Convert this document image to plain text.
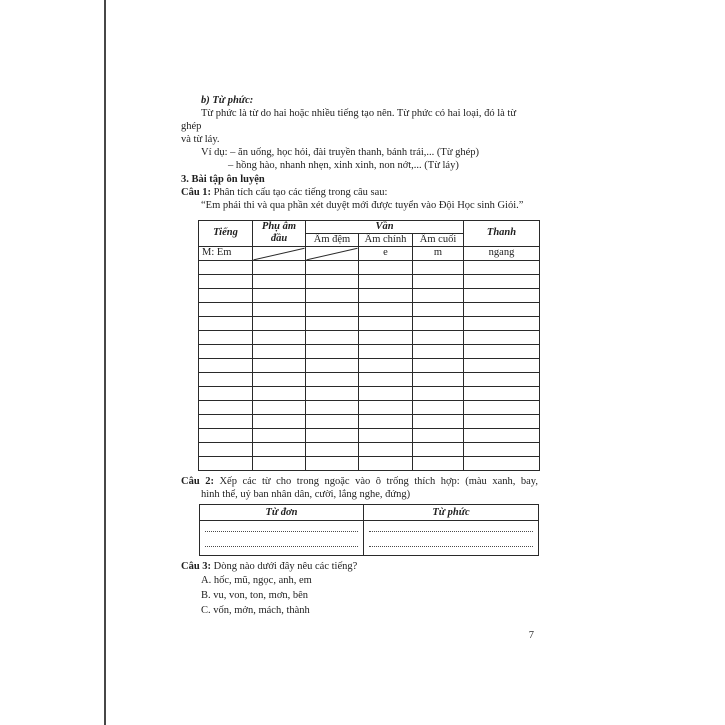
b) Từ phức:

Từ phức là từ do hai hoặc nhiều tiếng tạo nên. Từ phức có hai loại, đó là từ ghép
và từ láy.

Ví dụ: – ăn uống, học hỏi, đài truyền thanh, bánh trái,... (Từ ghép)

– hồng hào, nhanh nhẹn, xinh xinh, non nớt,... (Từ láy)

3. Bài tập ôn luyện

Câu 1: Phân tích cấu tạo các tiếng trong câu sau:

“Em phải thi và qua phần xét duyệt mới được tuyển vào Đội Học sinh Giỏi.”

Tiếng	Phụ âm đầu	Vần			Thanh
		Âm đệm	Âm chính	Âm cuối	
M: Em			e	m	ngang

Câu 2: Xếp các từ cho trong ngoặc vào ô trống thích hợp: (màu xanh, bay,
hình thể, uỷ ban nhân dân, cười, lắng nghe, đứng)

Từ đơn	Từ phức

Câu 3: Dòng nào dưới đây nêu các tiếng?

A. hốc, mũ, ngọc, anh, em
B. vu, von, ton, mơn, bên
C. vốn, mởn, mách, thành

7
